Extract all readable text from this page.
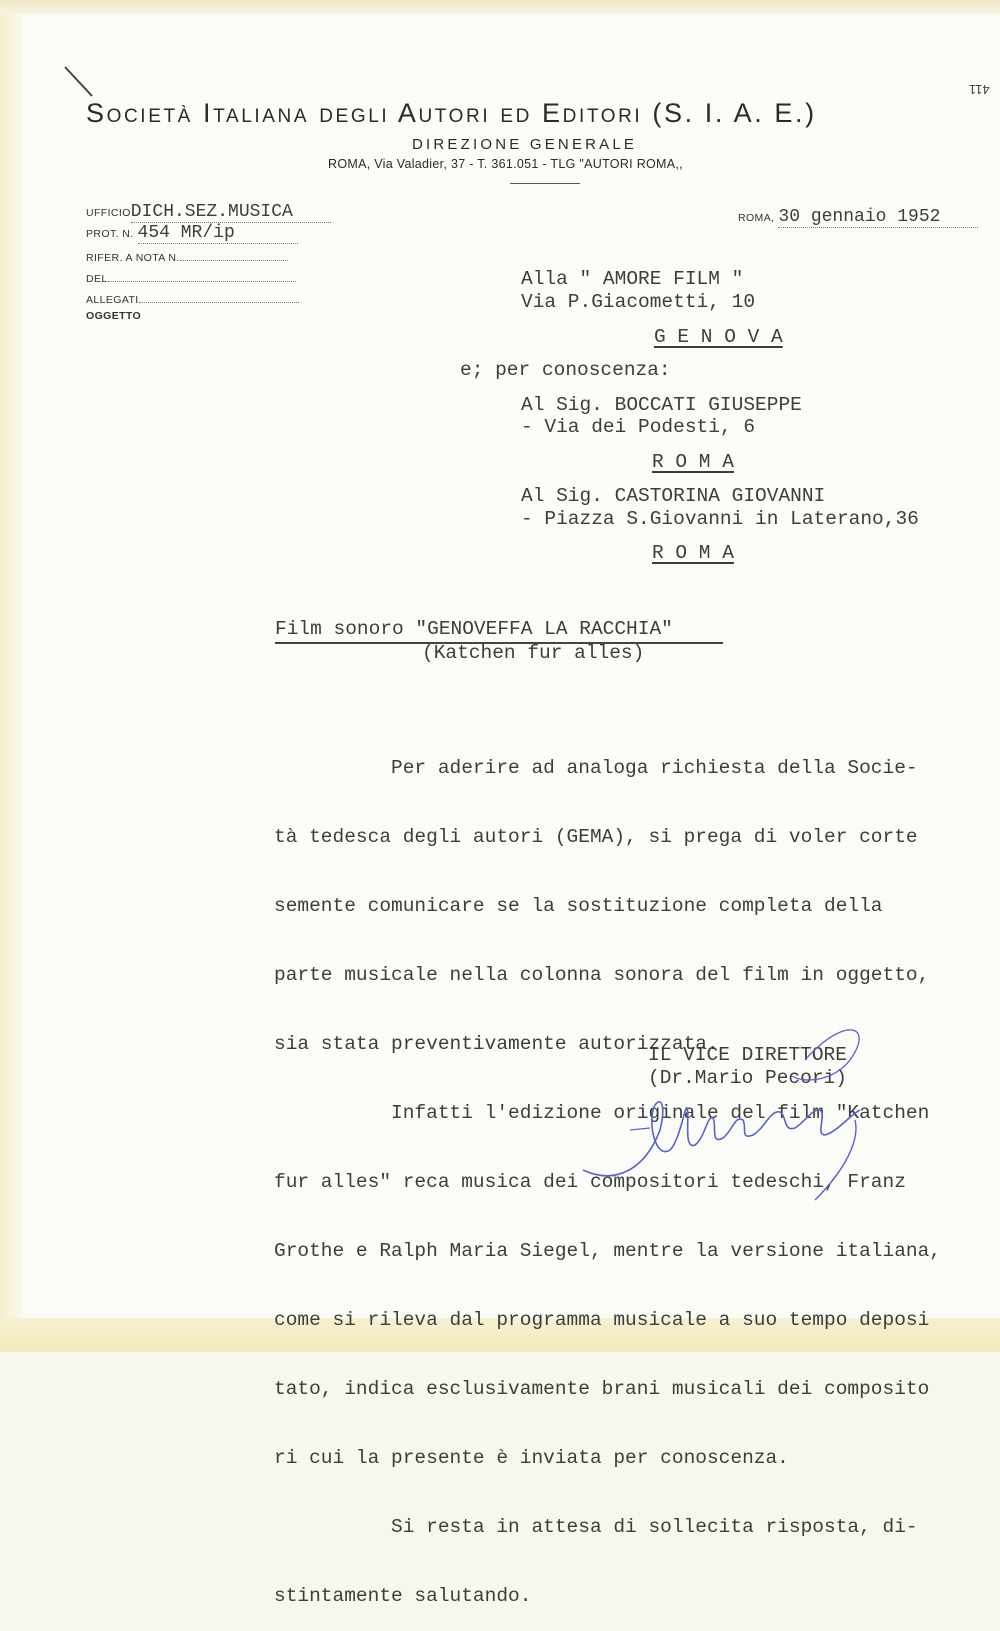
Società Italiana degli Autori ed Editori (S. I. A. E.)
DIREZIONE GENERALE
ROMA, Via Valadier, 37 - T. 361.051 - TLG "AUTORI ROMA,,
411
UFFICIODICH.SEZ.MUSICA
PROT. N. 454 MR/ip
RIFER. A NOTA N.
DEL
ALLEGATI
OGGETTO
ROMA, 30 gennaio 1952
Alla " AMORE FILM "
Via P.Giacometti, 10
G E N O V A
e; per conoscenza:
Al Sig. BOCCATI GIUSEPPE
- Via dei Podesti, 6
R O M A
Al Sig. CASTORINA GIOVANNI
- Piazza S.Giovanni in Laterano,36
R O M A
Film sonoro "GENOVEFFA LA RACCHIA"
(Katchen fur alles)

Per aderire ad analoga richiesta della Socie-

tà tedesca degli autori (GEMA), si prega di voler corte

semente comunicare se la sostituzione completa della

parte musicale nella colonna sonora del film in oggetto,

sia stata preventivamente autorizzata.

Infatti l'edizione originale del film "Katchen

fur alles" reca musica dei compositori tedeschi, Franz

Grothe e Ralph Maria Siegel, mentre la versione italiana,

come si rileva dal programma musicale a suo tempo deposi

tato, indica esclusivamente brani musicali dei composito

ri cui la presente è inviata per conoscenza.

Si resta in attesa di sollecita risposta, di-

stintamente salutando.

IL VICE DIRETTORE
(Dr.Mario Pecori)
